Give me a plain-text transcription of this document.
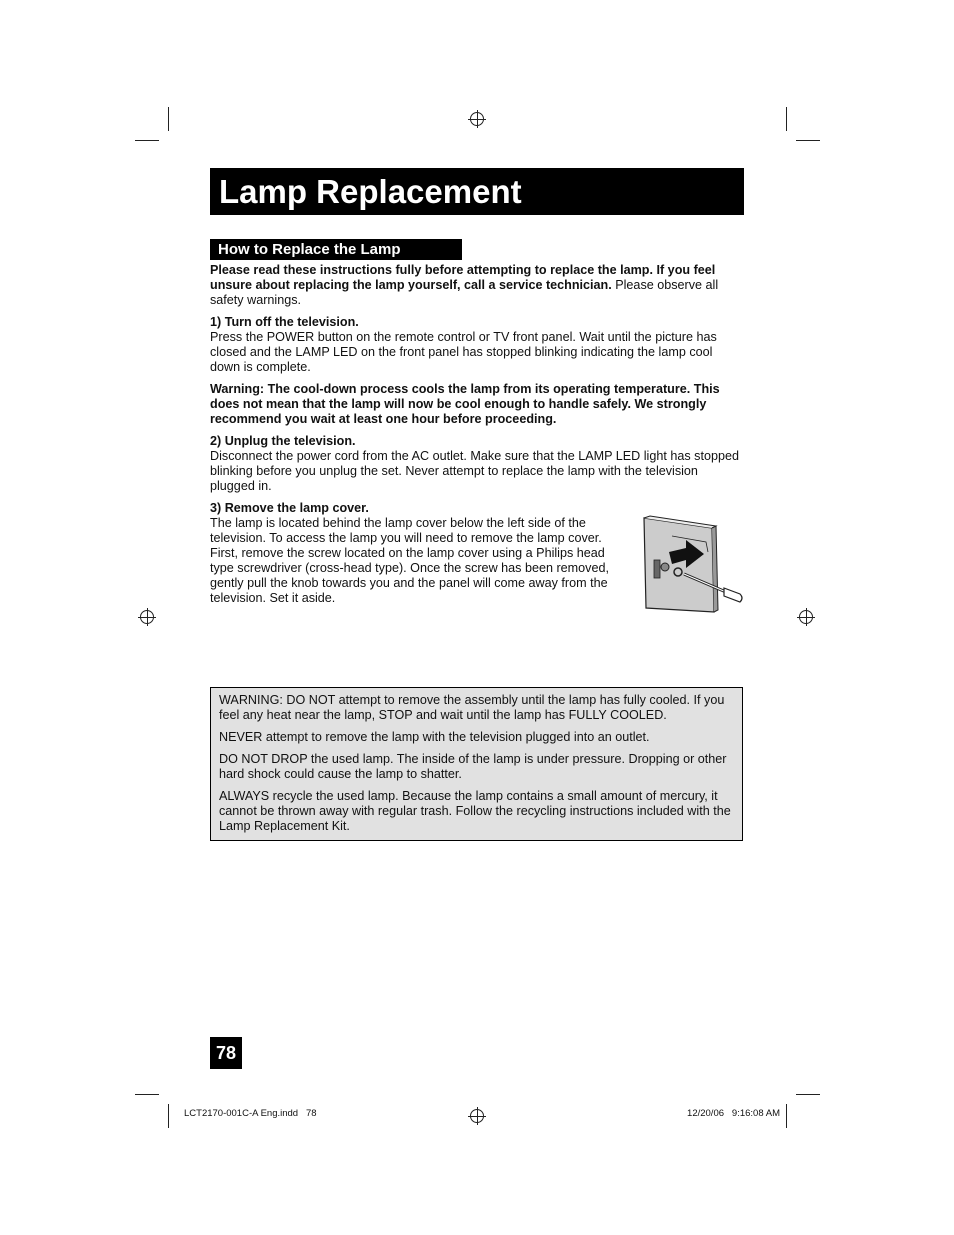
Lamp Replacement
How to Replace the Lamp

Please read these instructions fully before attempting to replace the lamp. If you feel unsure about replacing the lamp yourself, call a service technician. Please observe all safety warnings.

1) Turn off the television.

Press the POWER button on the remote control or TV front panel. Wait until the picture has closed and the LAMP LED on the front panel has stopped blinking indicating the lamp cool down is complete.

Warning: The cool-down process cools the lamp from its operating temperature. This does not mean that the lamp will now be cool enough to handle safely. We strongly recommend you wait at least one hour before proceeding.

2) Unplug the television.

Disconnect the power cord from the AC outlet. Make sure that the LAMP LED light has stopped blinking before you unplug the set. Never attempt to replace the lamp with the television plugged in.

3) Remove the lamp cover.

The lamp is located behind the lamp cover below the left side of the television. To access the lamp you will need to remove the lamp cover. First, remove the screw located on the lamp cover using a Philips head type screwdriver (cross-head type). Once the screw has been removed, gently pull the knob towards you and the panel will come away from the television. Set it aside.

WARNING: DO NOT attempt to remove the assembly until the lamp has fully cooled. If you feel any heat near the lamp, STOP and wait until the lamp has FULLY COOLED.

NEVER attempt to remove the lamp with the television plugged into an outlet.

DO NOT DROP the used lamp. The inside of the lamp is under pressure. Dropping or other hard shock could cause the lamp to shatter.

ALWAYS recycle the used lamp. Because the lamp contains a small amount of mercury, it cannot be thrown away with regular trash. Follow the recycling instructions included with the Lamp Replacement Kit.

78
LCT2170-001C-A Eng.indd   78	12/20/06   9:16:08 AM
